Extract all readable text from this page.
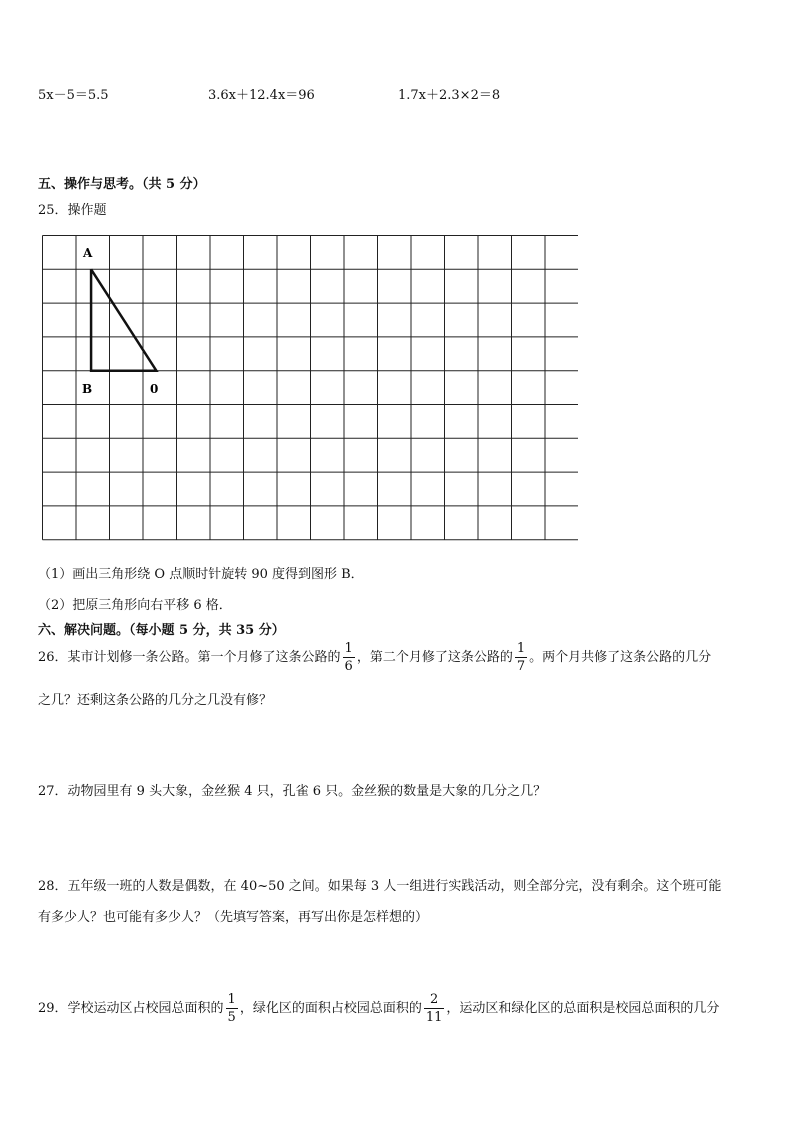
5x－5＝5.5	3.6x＋12.4x＝96	1.7x＋2.3×2＝8
五、操作与思考。（共 5 分）
25．操作题
A
B	0
（1）画出三角形绕 O 点顺时针旋转 90 度得到图形 B．
（2）把原三角形向右平移 6 格．
六、解决问题。（每小题 5 分，共 35 分）
26．某市计划修一条公路。第一个月修了这条公路的 $\frac{1}{6}$ ，第二个月修了这条公路的 $\frac{1}{7}$ 。两个月共修了这条公路的几分
之几？还剩这条公路的几分之几没有修？
27．动物园里有 9 头大象，金丝猴 4 只，孔雀 6 只。金丝猴的数量是大象的几分之几？
28．五年级一班的人数是偶数，在 40~50 之间。如果每 3 人一组进行实践活动，则全部分完，没有剩余。这个班可能
有多少人？也可能有多少人？（先填写答案，再写出你是怎样想的）
29．学校运动区占校园总面积的 $\frac{1}{5}$ ，绿化区的面积占校园总面积的 $\frac{2}{11}$ ，运动区和绿化区的总面积是校园总面积的几分
